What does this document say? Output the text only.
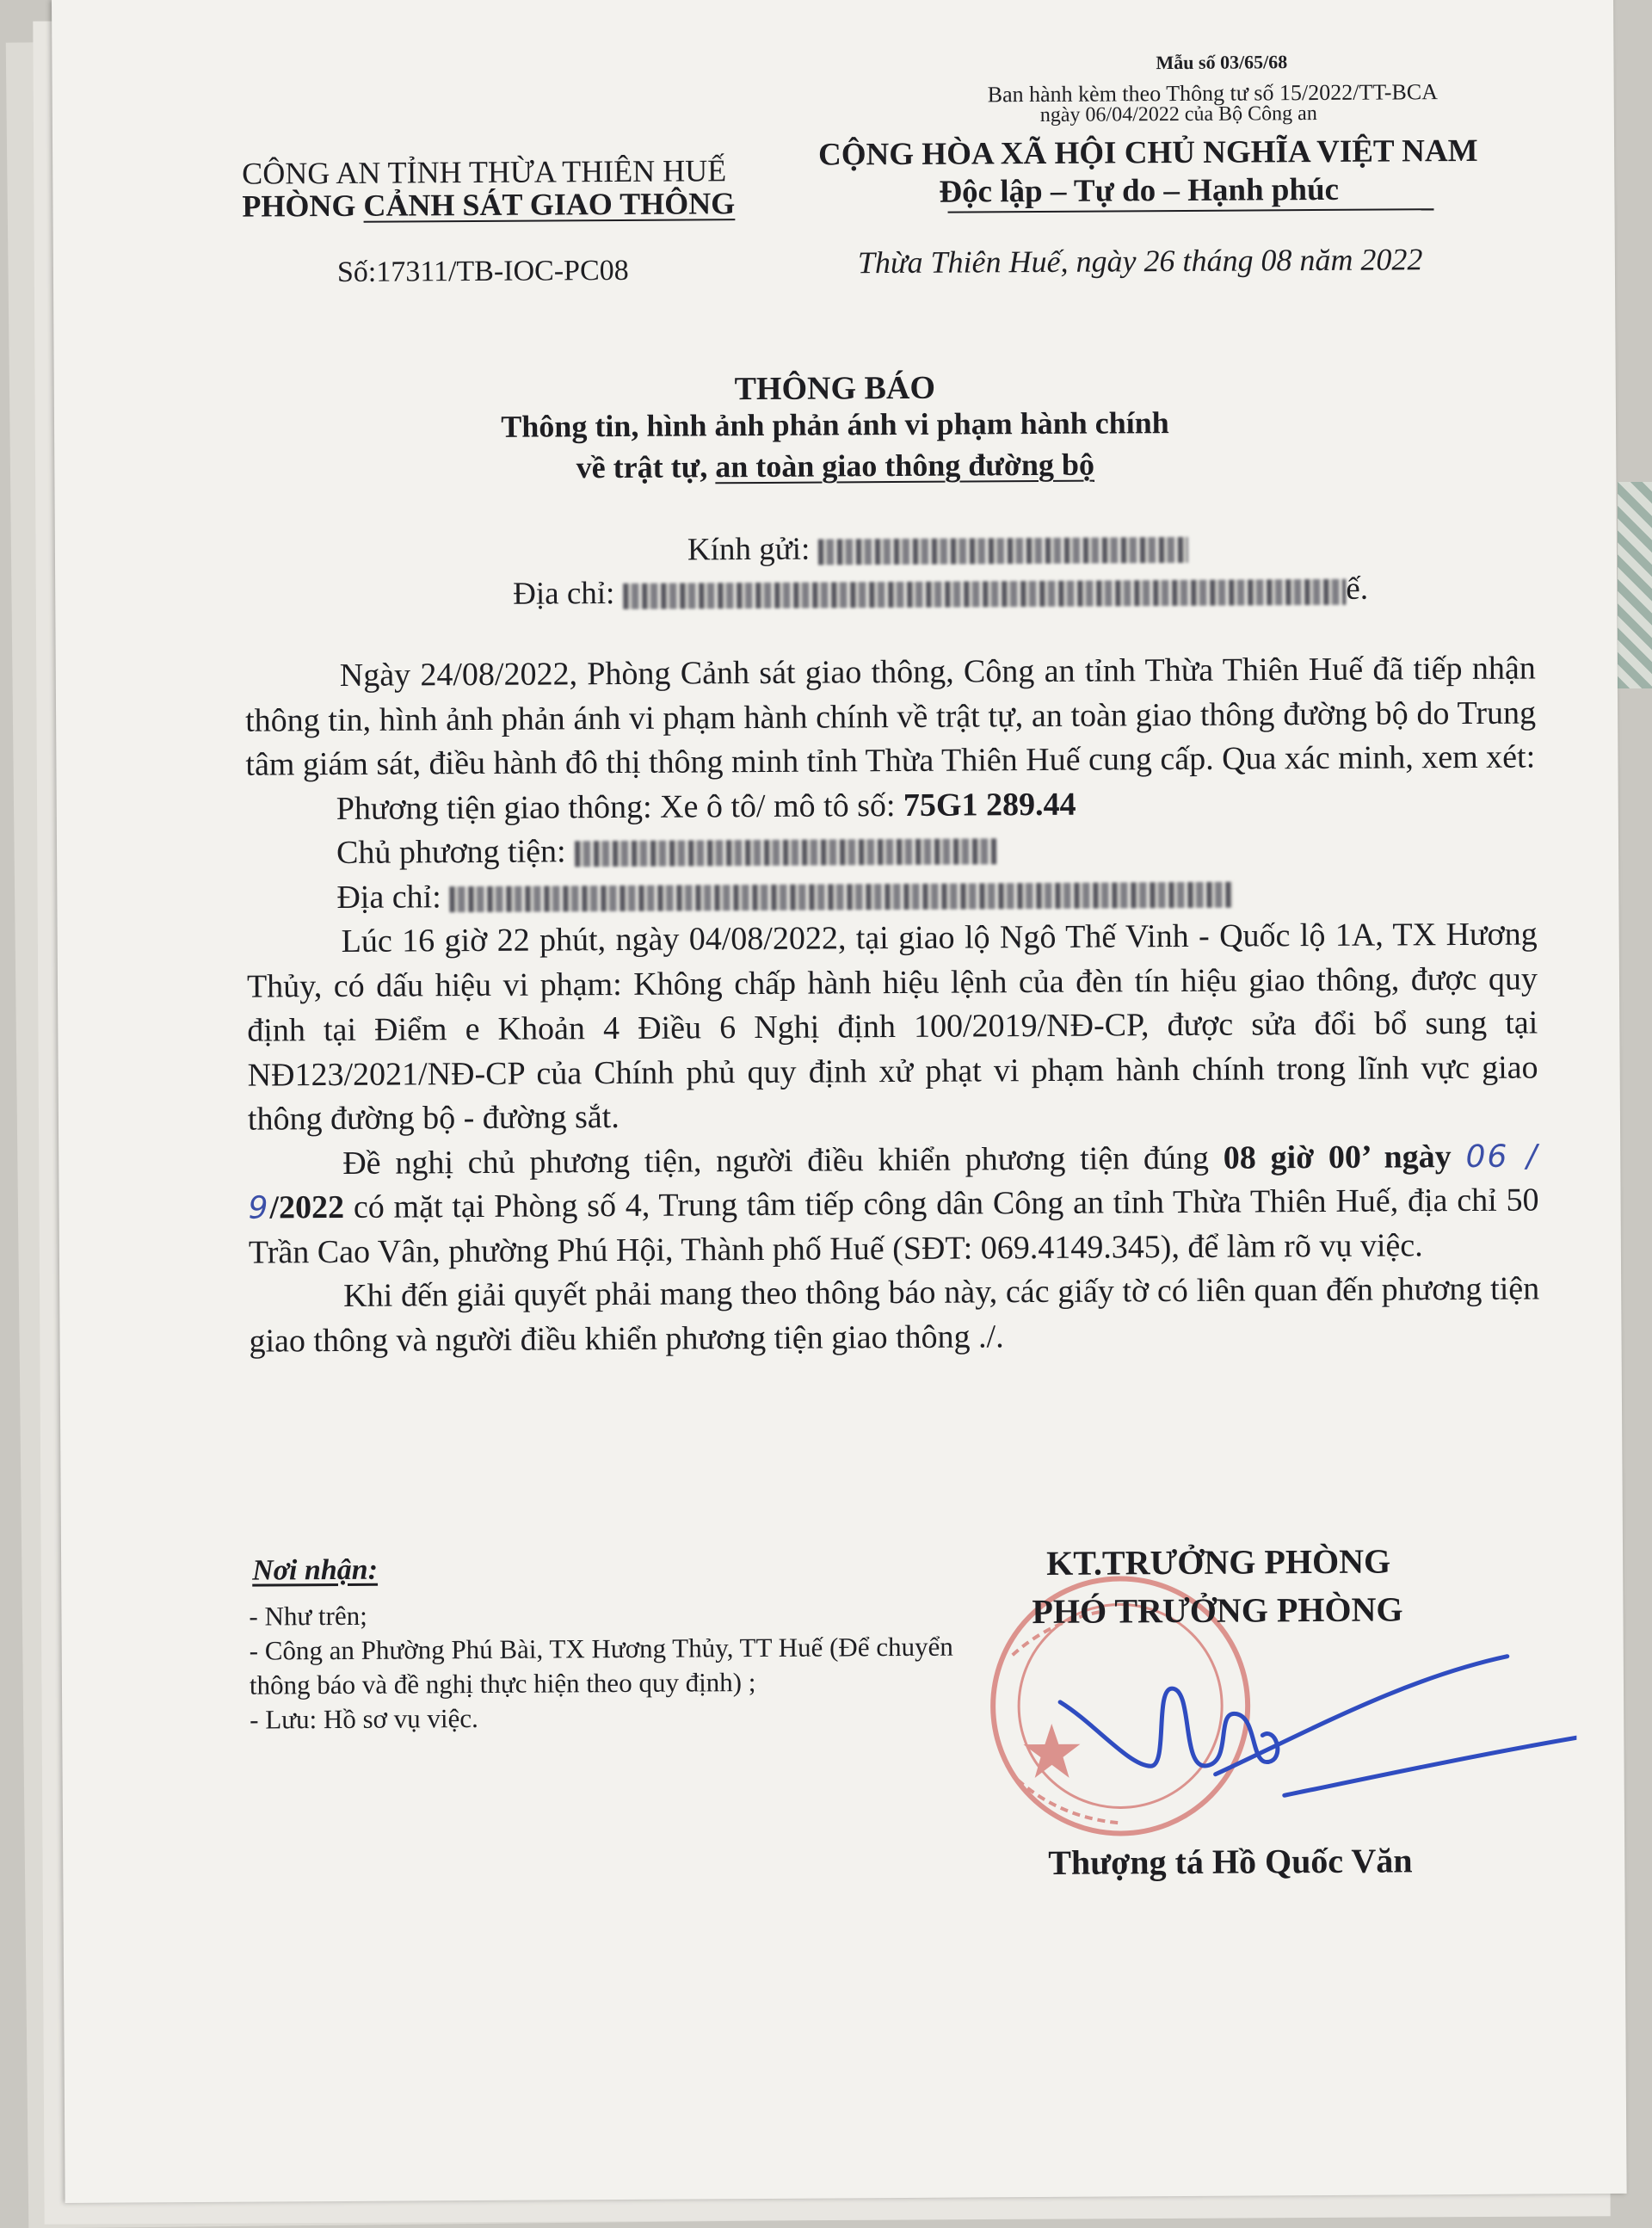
Mẫu số 03/65/68
Ban hành kèm theo Thông tư số 15/2022/TT-BCA
ngày 06/04/2022 của Bộ Công an
CÔNG AN TỈNH THỪA THIÊN HUẾ
PHÒNG CẢNH SÁT GIAO THÔNG
CỘNG HÒA XÃ HỘI CHỦ NGHĨA VIỆT NAM
Độc lập – Tự do – Hạnh phúc
Số:17311/TB-IOC-PC08	Thừa Thiên Huế, ngày 26 tháng 08 năm 2022
THÔNG BÁO
Thông tin, hình ảnh phản ánh vi phạm hành chính
về trật tự, an toàn giao thông đường bộ
Kính gửi:
Địa chỉ:	ế.
Ngày 24/08/2022, Phòng Cảnh sát giao thông, Công an tỉnh Thừa Thiên Huế đã tiếp nhận thông tin, hình ảnh phản ánh vi phạm hành chính về trật tự, an toàn giao thông đường bộ do Trung tâm giám sát, điều hành đô thị thông minh tỉnh Thừa Thiên Huế cung cấp. Qua xác minh, xem xét:
Phương tiện giao thông: Xe ô tô/ mô tô số: 75G1 289.44
Chủ phương tiện:
Địa chỉ:
Lúc 16 giờ 22 phút, ngày 04/08/2022, tại giao lộ Ngô Thế Vinh - Quốc lộ 1A, TX Hương Thủy, có dấu hiệu vi phạm: Không chấp hành hiệu lệnh của đèn tín hiệu giao thông, được quy định tại Điểm e Khoản 4 Điều 6 Nghị định 100/2019/NĐ-CP, được sửa đổi bổ sung tại NĐ123/2021/NĐ-CP của Chính phủ quy định xử phạt vi phạm hành chính trong lĩnh vực giao thông đường bộ - đường sắt.
Đề nghị chủ phương tiện, người điều khiển phương tiện đúng 08 giờ 00’ ngày 06 / 9/2022 có mặt tại Phòng số 4, Trung tâm tiếp công dân Công an tỉnh Thừa Thiên Huế, địa chỉ 50 Trần Cao Vân, phường Phú Hội, Thành phố Huế (SĐT: 069.4149.345), để làm rõ vụ việc.
Khi đến giải quyết phải mang theo thông báo này, các giấy tờ có liên quan đến phương tiện giao thông và người điều khiển phương tiện giao thông ./.
Nơi nhận:
- Như trên;
- Công an Phường Phú Bài, TX Hương Thủy, TT Huế (Để chuyển thông báo và đề nghị thực hiện theo quy định) ;
- Lưu: Hồ sơ vụ việc.
KT.TRƯỞNG PHÒNG
PHÓ TRƯỞNG PHÒNG
Thượng tá Hồ Quốc Văn
